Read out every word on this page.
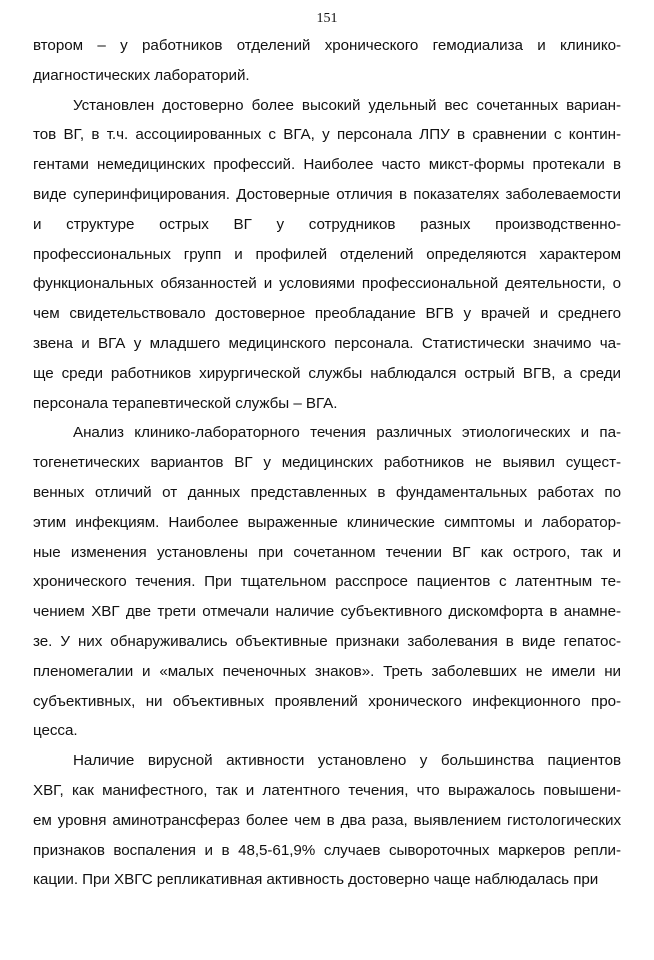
151
втором – у работников отделений хронического гемодиализа и клинико-
диагностических лабораторий.
Установлен достоверно более высокий удельный вес сочетанных вариан-
тов ВГ, в т.ч. ассоциированных с ВГА, у персонала ЛПУ в сравнении с контин-
гентами немедицинских профессий. Наиболее часто микст-формы протекали в
виде суперинфицирования. Достоверные отличия в показателях заболеваемости
и структуре острых ВГ у сотрудников разных производственно-
профессиональных групп и профилей отделений определяются характером
функциональных обязанностей и условиями профессиональной деятельности, о
чем свидетельствовало достоверное преобладание ВГВ у врачей и среднего
звена и ВГА у младшего медицинского персонала. Статистически значимо ча-
ще среди работников хирургической службы наблюдался острый ВГВ, а среди
персонала терапевтической службы – ВГА.
Анализ клинико-лабораторного течения различных этиологических и па-
тогенетических вариантов ВГ у медицинских работников не выявил сущест-
венных отличий от данных представленных в фундаментальных работах по
этим инфекциям. Наиболее выраженные клинические симптомы и лаборатор-
ные изменения установлены при сочетанном течении ВГ как острого, так и
хронического течения. При тщательном расспросе пациентов с латентным те-
чением ХВГ две трети отмечали наличие субъективного дискомфорта в анамне-
зе. У них обнаруживались объективные признаки заболевания в виде гепатос-
пленомегалии и «малых печеночных знаков». Треть заболевших не имели ни
субъективных, ни объективных проявлений хронического инфекционного про-
цесса.
Наличие вирусной активности установлено у большинства пациентов
ХВГ, как манифестного, так и латентного течения, что выражалось повышени-
ем уровня аминотрансфераз более чем в два раза, выявлением гистологических
признаков воспаления и в 48,5-61,9% случаев сывороточных маркеров репли-
кации. При ХВГС репликативная активность достоверно чаще наблюдалась при
